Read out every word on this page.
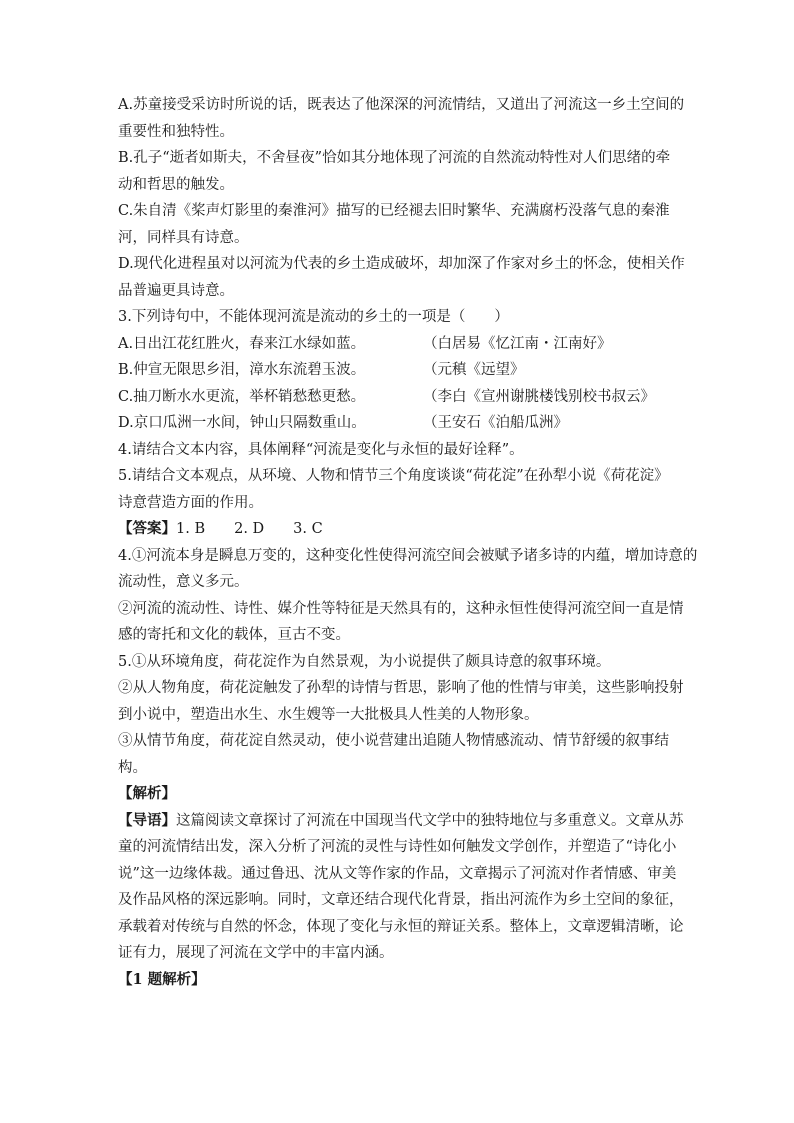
A.苏童接受采访时所说的话，既表达了他深深的河流情结，又道出了河流这一乡土空间的

重要性和独特性。

B.孔子“逝者如斯夫，不舍昼夜”恰如其分地体现了河流的自然流动特性对人们思绪的牵

动和哲思的触发。

C.朱自清《桨声灯影里的秦淮河》描写的已经褪去旧时繁华、充满腐朽没落气息的秦淮

河，同样具有诗意。

D.现代化进程虽对以河流为代表的乡土造成破坏，却加深了作家对乡土的怀念，使相关作

品普遍更具诗意。

3.下列诗句中，不能体现河流是流动的乡土的一项是（　　）

A.日出江花红胜火，春来江水绿如蓝。	（白居易《忆江南・江南好》
B.仲宣无限思乡泪，漳水东流碧玉波。	（元稹《远望》
C.抽刀断水水更流，举杯销愁愁更愁。	（李白《宣州谢朓楼饯别校书叔云》
D.京口瓜洲一水间，钟山只隔数重山。	（王安石《泊船瓜洲》

4.请结合文本内容，具体阐释“河流是变化与永恒的最好诠释”。

5.请结合文本观点，从环境、人物和情节三个角度谈谈“荷花淀”在孙犁小说《荷花淀》

诗意营造方面的作用。

【答案】1. B　　2. D　　3. C

4.①河流本身是瞬息万变的，这种变化性使得河流空间会被赋予诸多诗的内蕴，增加诗意的

流动性，意义多元。

②河流的流动性、诗性、媒介性等特征是天然具有的，这种永恒性使得河流空间一直是情

感的寄托和文化的载体，亘古不变。

5.①从环境角度，荷花淀作为自然景观，为小说提供了颇具诗意的叙事环境。

②从人物角度，荷花淀触发了孙犁的诗情与哲思，影响了他的性情与审美，这些影响投射

到小说中，塑造出水生、水生嫂等一大批极具人性美的人物形象。

③从情节角度，荷花淀自然灵动，使小说营建出追随人物情感流动、情节舒缓的叙事结

构。

【解析】

【导语】这篇阅读文章探讨了河流在中国现当代文学中的独特地位与多重意义。文章从苏

童的河流情结出发，深入分析了河流的灵性与诗性如何触发文学创作，并塑造了“诗化小

说”这一边缘体裁。通过鲁迅、沈从文等作家的作品，文章揭示了河流对作者情感、审美

及作品风格的深远影响。同时，文章还结合现代化背景，指出河流作为乡土空间的象征，

承载着对传统与自然的怀念，体现了变化与永恒的辩证关系。整体上，文章逻辑清晰，论

证有力，展现了河流在文学中的丰富内涵。

【1 题解析】
